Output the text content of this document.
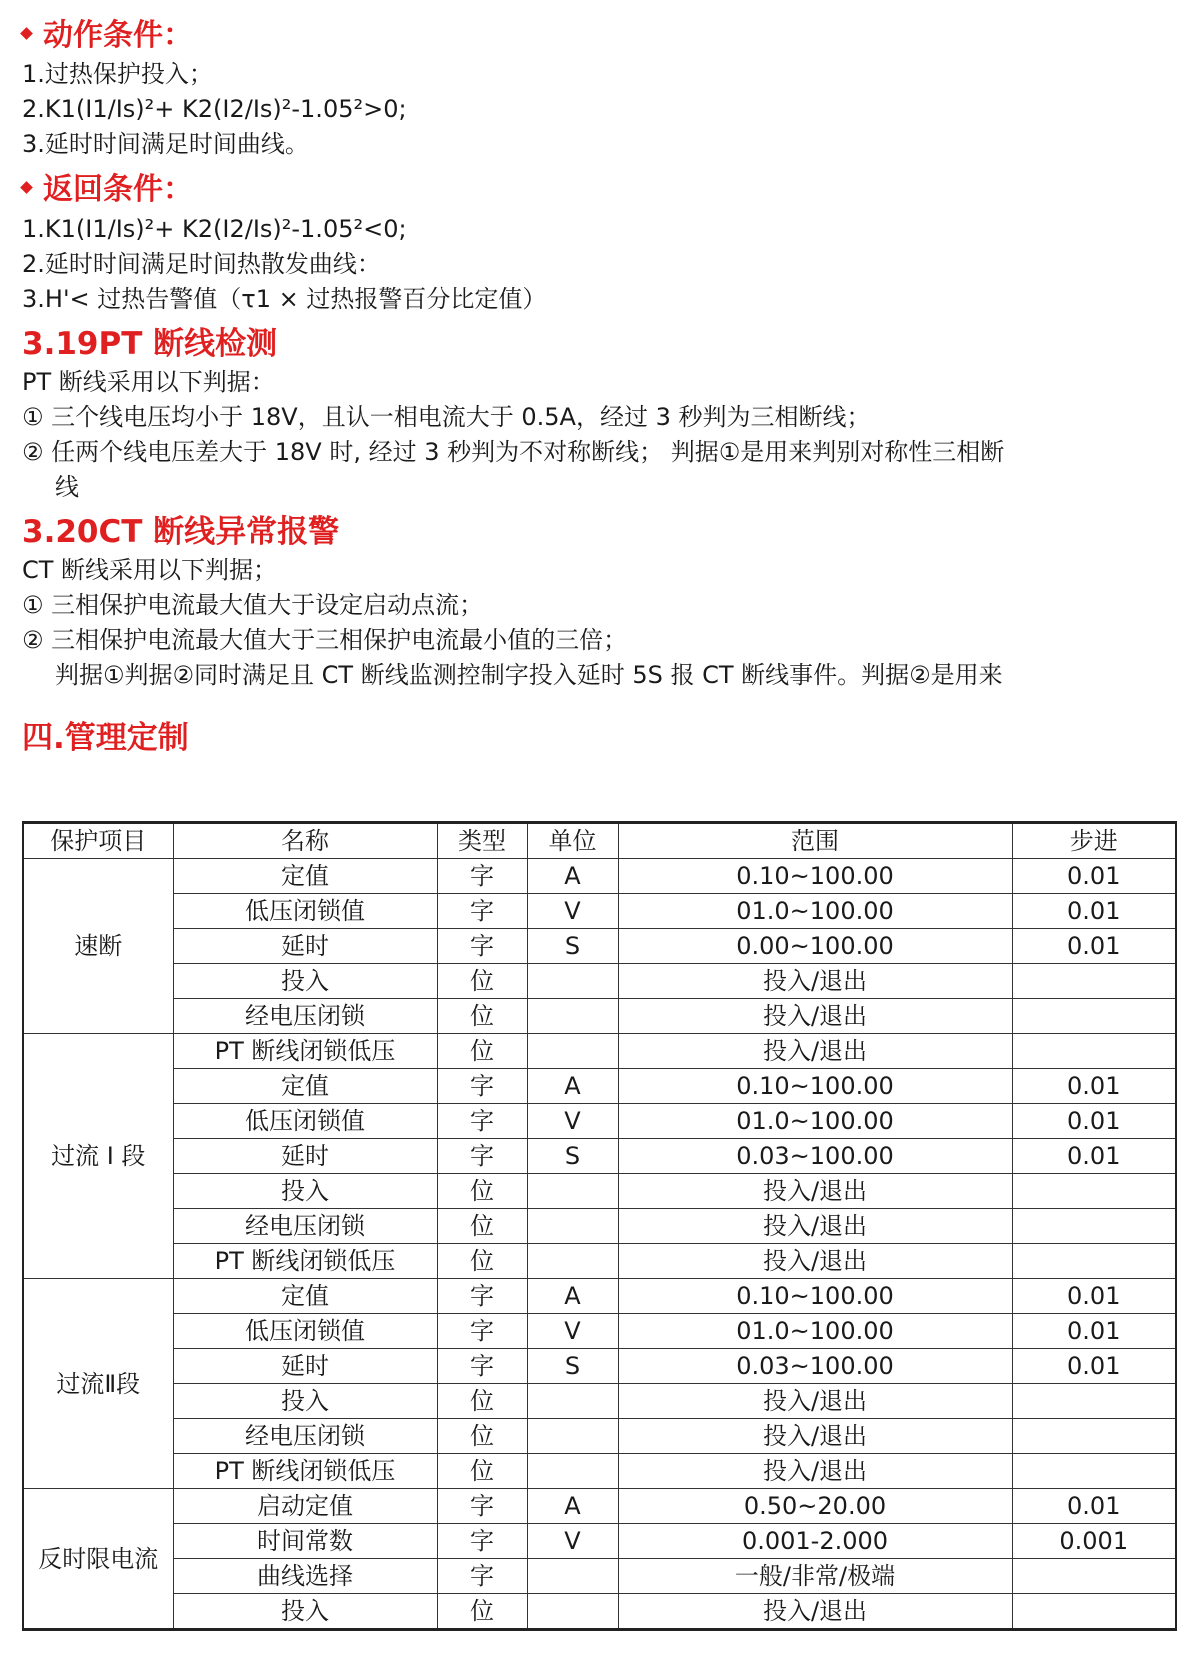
动作条件：
1.过热保护投入；
2.K1(I1/Is)²+ K2(I2/Is)²-1.05²>0;
3.延时时间满足时间曲线。
返回条件：
1.K1(I1/Is)²+ K2(I2/Is)²-1.05²<0;
2.延时时间满足时间热散发曲线：
3.H'< 过热告警值（τ1 × 过热报警百分比定值）
3.19PT 断线检测
PT 断线采用以下判据：
① 三个线电压均小于 18V，且认一相电流大于 0.5A，经过 3 秒判为三相断线；
② 任两个线电压差大于 18V 时, 经过 3 秒判为不对称断线； 判据①是用来判别对称性三相断
线
3.20CT 断线异常报警
CT 断线采用以下判据；
① 三相保护电流最大值大于设定启动点流；
② 三相保护电流最大值大于三相保护电流最小值的三倍；
判据①判据②同时满足且 CT 断线监测控制字投入延时 5S 报 CT 断线事件。判据②是用来
四.管理定制
保护项目	名称	类型	单位	范围	步进
速断	定值	字	A	0.10~100.00	0.01
	低压闭锁值	字	V	01.0~100.00	0.01
	延时	字	S	0.00~100.00	0.01
	投入	位		投入/退出	
	经电压闭锁	位		投入/退出	
过流 I 段	PT 断线闭锁低压	位		投入/退出	
	定值	字	A	0.10~100.00	0.01
	低压闭锁值	字	V	01.0~100.00	0.01
	延时	字	S	0.03~100.00	0.01
	投入	位		投入/退出	
	经电压闭锁	位		投入/退出	
	PT 断线闭锁低压	位		投入/退出	
过流Ⅱ段	定值	字	A	0.10~100.00	0.01
	低压闭锁值	字	V	01.0~100.00	0.01
	延时	字	S	0.03~100.00	0.01
	投入	位		投入/退出	
	经电压闭锁	位		投入/退出	
	PT 断线闭锁低压	位		投入/退出	
反时限电流	启动定值	字	A	0.50~20.00	0.01
	时间常数	字	V	0.001-2.000	0.001
	曲线选择	字		一般/非常/极端	
	投入	位		投入/退出	
